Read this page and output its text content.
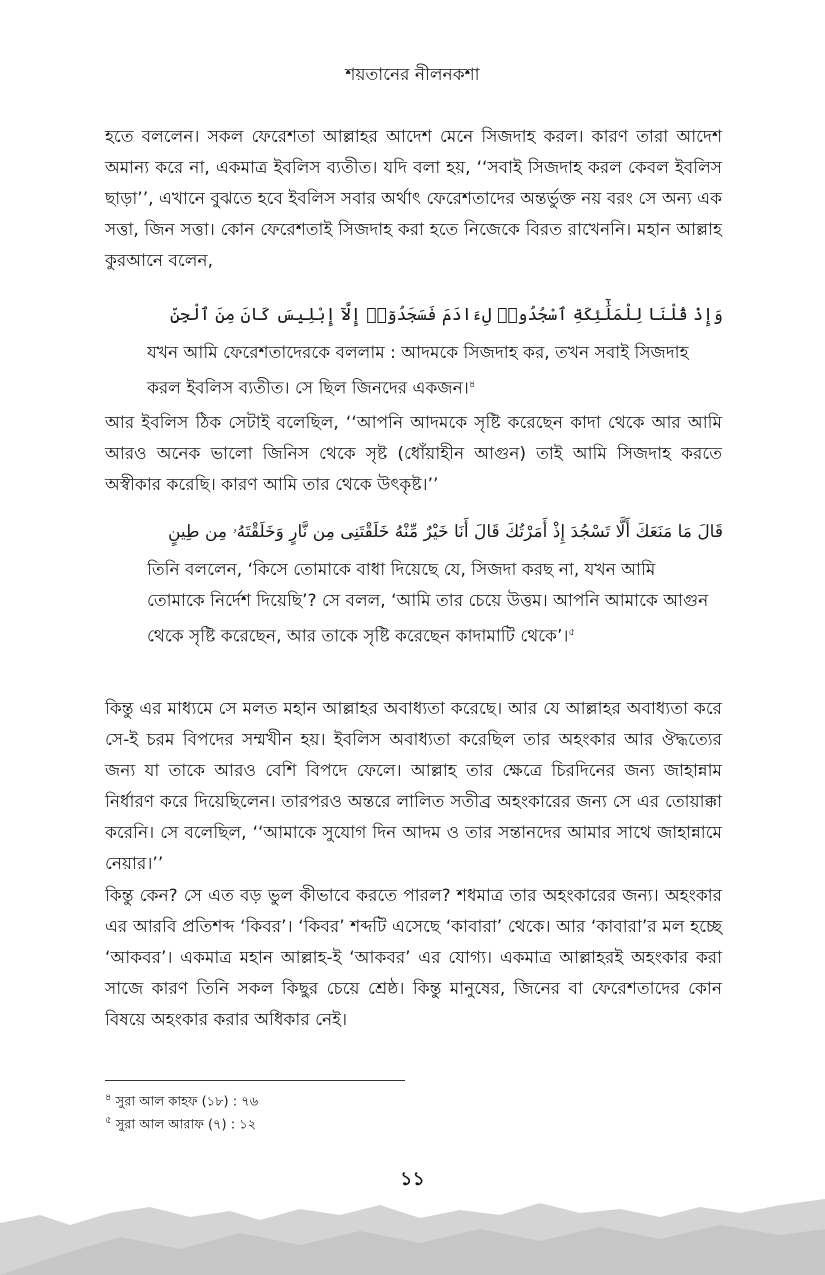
শয়তানের নীলনকশা

হতে বললেন। সকল ফেরেশতা আল্লাহর আদেশ মেনে সিজদাহ করল। কারণ তারা আদেশ অমান্য করে না, একমাত্র ইবলিস ব্যতীত। যদি বলা হয়, ‘‘সবাই সিজদাহ করল কেবল ইবলিস ছাড়া’’, এখানে বুঝতে হবে ইবলিস সবার অর্থাৎ ফেরেশতাদের অন্তর্ভুক্ত নয় বরং সে অন্য এক সত্তা, জিন সত্তা। কোন ফেরেশতাই সিজদাহ করা হতে নিজেকে বিরত রাখেননি। মহান আল্লাহ কুরআনে বলেন,

وَإِذْ قُلْنَا لِلْمَلَٰٓئِكَةِ ٱسْجُدُوا۟ لِءَادَمَ فَسَجَدُوٓا۟ إِلَّآ إِبْلِيسَ كَانَ مِنَ ٱلْجِنِّ

যখন আমি ফেরেশতাদেরকে বললাম : আদমকে সিজদাহ কর, তখন সবাই সিজদাহ করল ইবলিস ব্যতীত। সে ছিল জিনদের একজন।$^৪$

আর ইবলিস ঠিক সেটাই বলেছিল, ‘‘আপনি আদমকে সৃষ্টি করেছেন কাদা থেকে আর আমি আরও অনেক ভালো জিনিস থেকে সৃষ্ট (ধোঁয়াহীন আগুন) তাই আমি সিজদাহ করতে অস্বীকার করেছি। কারণ আমি তার থেকে উৎকৃষ্ট।’’

قَالَ مَا مَنَعَكَ أَلَّا تَسْجُدَ إِذْ أَمَرْتُكَ قَالَ أَنَا خَيْرٌ مِّنْهُ خَلَقْتَنِى مِن نَّارٍ وَخَلَقْتَهُۥ مِن طِينٍ

তিনি বললেন, ‘কিসে তোমাকে বাধা দিয়েছে যে, সিজদা করছ না, যখন আমি তোমাকে নির্দেশ দিয়েছি’? সে বলল, ‘আমি তার চেয়ে উত্তম। আপনি আমাকে আগুন থেকে সৃষ্টি করেছেন, আর তাকে সৃষ্টি করেছেন কাদামাটি থেকে’।$^৫$

কিন্তু এর মাধ্যমে সে মলত মহান আল্লাহর অবাধ্যতা করেছে। আর যে আল্লাহর অবাধ্যতা করে সে-ই চরম বিপদের সম্মখীন হয়। ইবলিস অবাধ্যতা করেছিল তার অহংকার আর ঔদ্ধত্যের জন্য যা তাকে আরও বেশি বিপদে ফেলে। আল্লাহ তার ক্ষেত্রে চিরদিনের জন্য জাহান্নাম নির্ধারণ করে দিয়েছিলেন। তারপরও অন্তরে লালিত সতীব্র অহংকারের জন্য সে এর তোয়াক্কা করেনি। সে বলেছিল, ‘‘আমাকে সুযোগ দিন আদম ও তার সন্তানদের আমার সাথে জাহান্নামে নেয়ার।’’

কিন্তু কেন? সে এত বড় ভুল কীভাবে করতে পারল? শধমাত্র তার অহংকারের জন্য। অহংকার এর আরবি প্রতিশব্দ ‘কিবর’। ‘কিবর’ শব্দটি এসেছে ‘কাবারা’ থেকে। আর ‘কাবারা’র মল হচ্ছে ‘আকবর’। একমাত্র মহান আল্লাহ-ই ‘আকবর’ এর যোগ্য। একমাত্র আল্লাহরই অহংকার করা সাজে কারণ তিনি সকল কিছুর চেয়ে শ্রেষ্ঠ। কিন্তু মানুষের, জিনের বা ফেরেশতাদের কোন বিষয়ে অহংকার করার অধিকার নেই।

$^৪$ সুরা আল কাহফ (১৮) : ৭৬
$^৫$ সুরা আল আরাফ (৭) : ১২
১১
